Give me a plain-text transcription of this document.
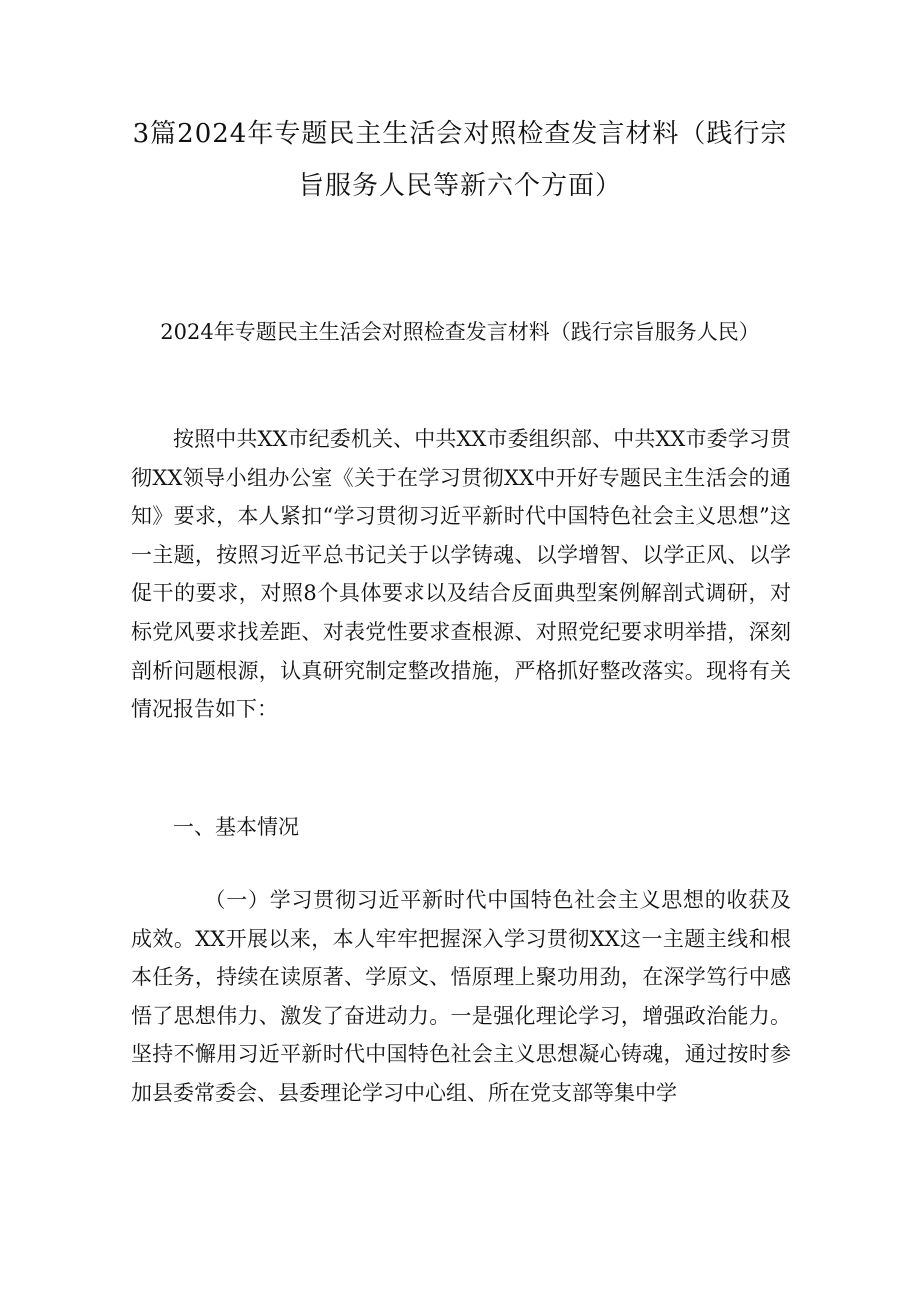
3篇2024年专题民主生活会对照检查发言材料（践行宗旨服务人民等新六个方面）
2024年专题民主生活会对照检查发言材料（践行宗旨服务人民）

按照中共XX市纪委机关、中共XX市委组织部、中共XX市委学习贯彻XX领导小组办公室《关于在学习贯彻XX中开好专题民主生活会的通知》要求，本人紧扣“学习贯彻习近平新时代中国特色社会主义思想”这一主题，按照习近平总书记关于以学铸魂、以学增智、以学正风、以学促干的要求，对照8个具体要求以及结合反面典型案例解剖式调研，对标党风要求找差距、对表党性要求查根源、对照党纪要求明举措，深刻剖析问题根源，认真研究制定整改措施，严格抓好整改落实。现将有关情况报告如下：

一、基本情况

（一）学习贯彻习近平新时代中国特色社会主义思想的收获及成效。XX开展以来，本人牢牢把握深入学习贯彻XX这一主题主线和根本任务，持续在读原著、学原文、悟原理上聚功用劲，在深学笃行中感悟了思想伟力、激发了奋进动力。一是强化理论学习，增强政治能力。坚持不懈用习近平新时代中国特色社会主义思想凝心铸魂，通过按时参加县委常委会、县委理论学习中心组、所在党支部等集中学
